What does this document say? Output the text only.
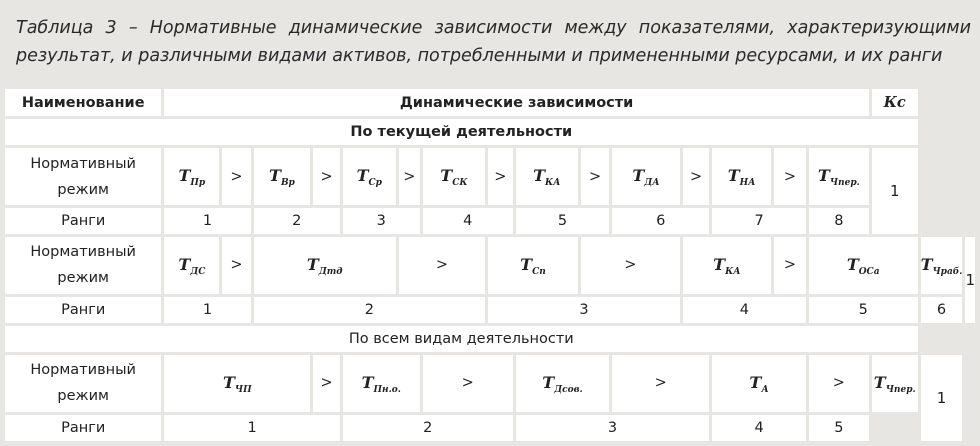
Таблица 3 – Нормативные динамические зависимости между показателями, характеризующими результат, и различными видами активов, потребленными и примененными ресурсами, и их ранги
Наименование	Динамические зависимости															Кс		
По текущей деятельности																		
Нормативный режим	$T_{Пр}$	>	$T_{Вр}$	>	$T_{Ср}$	>	$T_{СК}$	>	$T_{КА}$	>	$T_{ДА}$	>	$T_{НА}$	>	$T_{Чпер.}$	1		
Ранги	1		2		3		4		5		6		7		8			
Нормативный режим	$T_{ДС}$	>	$T_{Дтд}$			>		$T_{Сп}$		>		$T_{КА}$		>	$T_{ОСа}$		$T_{Чраб.}$	1
Ранги	1		2					3				4			5		6	
По всем видам деятельности																		
Нормативный режим	$T_{ЧП}$			>	$T_{Пн.о.}$		>		$T_{Дсов.}$		>		$T_А$		>	$T_{Чпер.}$	1	
Ранги	1				2				3				4		5			
